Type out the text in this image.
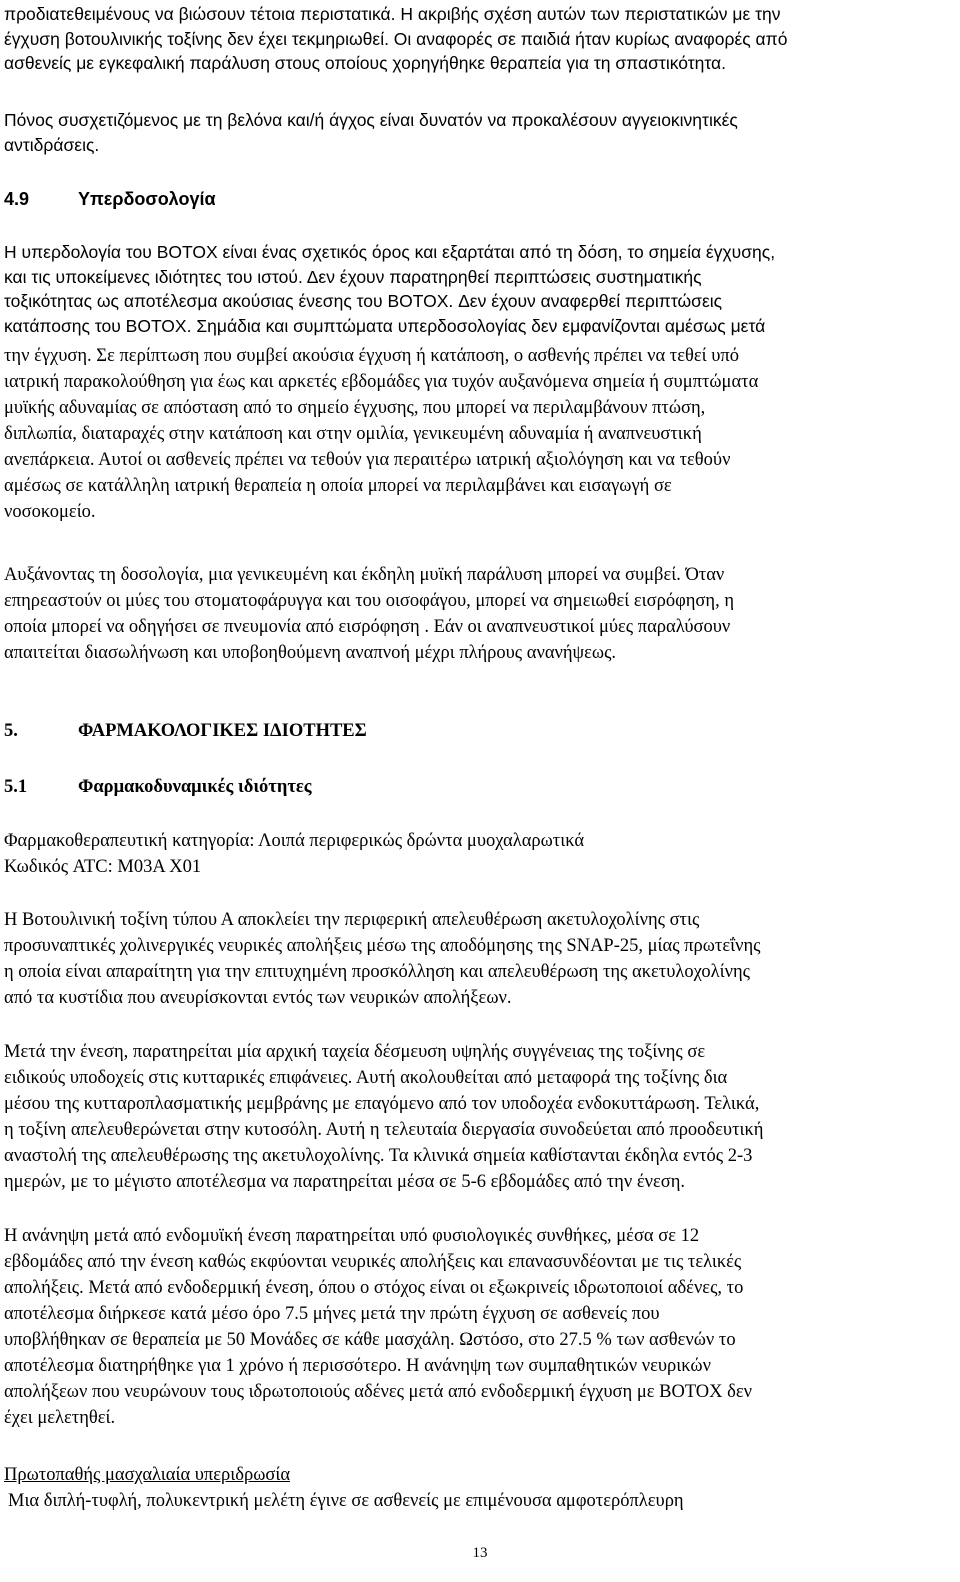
προδιατεθειμένους να βιώσουν τέτοια περιστατικά. Η ακριβής σχέση αυτών των περιστατικών με την
έγχυση βοτουλινικής τοξίνης δεν έχει τεκμηριωθεί. Οι αναφορές σε παιδιά ήταν κυρίως αναφορές από
ασθενείς με εγκεφαλική παράλυση στους οποίους χορηγήθηκε θεραπεία για τη σπαστικότητα.
Πόνος συσχετιζόμενος με τη βελόνα και/ή άγχος είναι δυνατόν να προκαλέσουν αγγειοκινητικές
αντιδράσεις.
4.9	Υπερδοσολογία
Η υπερδολογία του BOTOX είναι ένας σχετικός όρος και εξαρτάται από τη δόση, το σημεία έγχυσης,
και τις υποκείμενες ιδιότητες του ιστού. Δεν έχουν παρατηρηθεί περιπτώσεις συστηματικής
τοξικότητας ως αποτέλεσμα ακούσιας ένεσης του BOTOX. Δεν έχουν αναφερθεί περιπτώσεις
κατάποσης του BOTOX. Σημάδια και συμπτώματα υπερδοσολογίας δεν εμφανίζονται αμέσως μετά
την έγχυση. Σε περίπτωση που συμβεί ακούσια έγχυση ή κατάποση, ο ασθενής πρέπει να τεθεί υπό
ιατρική παρακολούθηση για έως και αρκετές εβδομάδες για τυχόν αυξανόμενα σημεία ή συμπτώματα
μυϊκής αδυναμίας σε απόσταση από το σημείο έγχυσης, που μπορεί να περιλαμβάνουν πτώση,
διπλωπία, διαταραχές στην κατάποση και στην ομιλία, γενικευμένη αδυναμία ή αναπνευστική
ανεπάρκεια. Αυτοί οι ασθενείς πρέπει να τεθούν για περαιτέρω ιατρική αξιολόγηση και να τεθούν
αμέσως σε κατάλληλη ιατρική θεραπεία η οποία μπορεί να περιλαμβάνει και εισαγωγή σε
νοσοκομείο.
Αυξάνοντας τη δοσολογία, μια γενικευμένη και έκδηλη μυϊκή παράλυση μπορεί να συμβεί. Όταν
επηρεαστούν οι μύες του στοματοφάρυγγα και του οισοφάγου, μπορεί να σημειωθεί εισρόφηση, η
οποία μπορεί να οδηγήσει σε πνευμονία από εισρόφηση . Εάν οι αναπνευστικοί μύες παραλύσουν
απαιτείται διασωλήνωση και υποβοηθούμενη αναπνοή μέχρι πλήρους ανανήψεως.
5.	ΦΑΡΜΑΚΟΛΟΓΙΚΕΣ ΙΔΙΟΤΗΤΕΣ
5.1	Φαρμακοδυναμικές ιδιότητες
Φαρμακοθεραπευτική κατηγορία: Λοιπά περιφερικώς δρώντα μυοχαλαρωτικά
Κωδικός ATC: M03A X01
Η Βοτουλινική τοξίνη τύπου Α αποκλείει την περιφερική απελευθέρωση ακετυλοχολίνης στις
προσυναπτικές χολινεργικές νευρικές απολήξεις μέσω της αποδόμησης της SNAP-25, μίας πρωτεΐνης
η οποία είναι απαραίτητη για την επιτυχημένη προσκόλληση και απελευθέρωση της ακετυλοχολίνης
από τα κυστίδια που ανευρίσκονται εντός των νευρικών απολήξεων.
Μετά την ένεση, παρατηρείται μία αρχική ταχεία δέσμευση υψηλής συγγένειας της τοξίνης σε
ειδικούς υποδοχείς στις κυτταρικές επιφάνειες. Αυτή ακολουθείται από μεταφορά της τοξίνης δια
μέσου της κυτταροπλασματικής μεμβράνης με επαγόμενο από τον υποδοχέα ενδοκυττάρωση. Τελικά,
η τοξίνη απελευθερώνεται στην κυτοσόλη. Αυτή η τελευταία διεργασία συνοδεύεται από προοδευτική
αναστολή της απελευθέρωσης της ακετυλοχολίνης. Τα κλινικά σημεία καθίστανται έκδηλα εντός 2-3
ημερών, με το μέγιστο αποτέλεσμα να παρατηρείται μέσα σε 5-6 εβδομάδες από την ένεση.
Η ανάνηψη μετά από ενδομυϊκή ένεση παρατηρείται υπό φυσιολογικές συνθήκες, μέσα σε 12
εβδομάδες από την ένεση καθώς εκφύονται νευρικές απολήξεις και επανασυνδέονται με τις τελικές
απολήξεις. Μετά από ενδοδερμική ένεση, όπου ο στόχος είναι οι εξωκρινείς ιδρωτοποιοί αδένες, το
αποτέλεσμα διήρκεσε κατά μέσο όρο 7.5 μήνες μετά την πρώτη έγχυση σε ασθενείς που
υποβλήθηκαν σε θεραπεία με 50 Μονάδες σε κάθε μασχάλη. Ωστόσο, στο 27.5 % των ασθενών το
αποτέλεσμα διατηρήθηκε για 1 χρόνο ή περισσότερο. Η ανάνηψη των συμπαθητικών νευρικών
απολήξεων που νευρώνουν τους ιδρωτοποιούς αδένες μετά από ενδοδερμική έγχυση με BOTOX δεν
έχει μελετηθεί.
Πρωτοπαθής μασχαλιαία υπεριδρωσία
Μια διπλή-τυφλή, πολυκεντρική μελέτη έγινε σε ασθενείς με επιμένουσα αμφοτερόπλευρη
13
